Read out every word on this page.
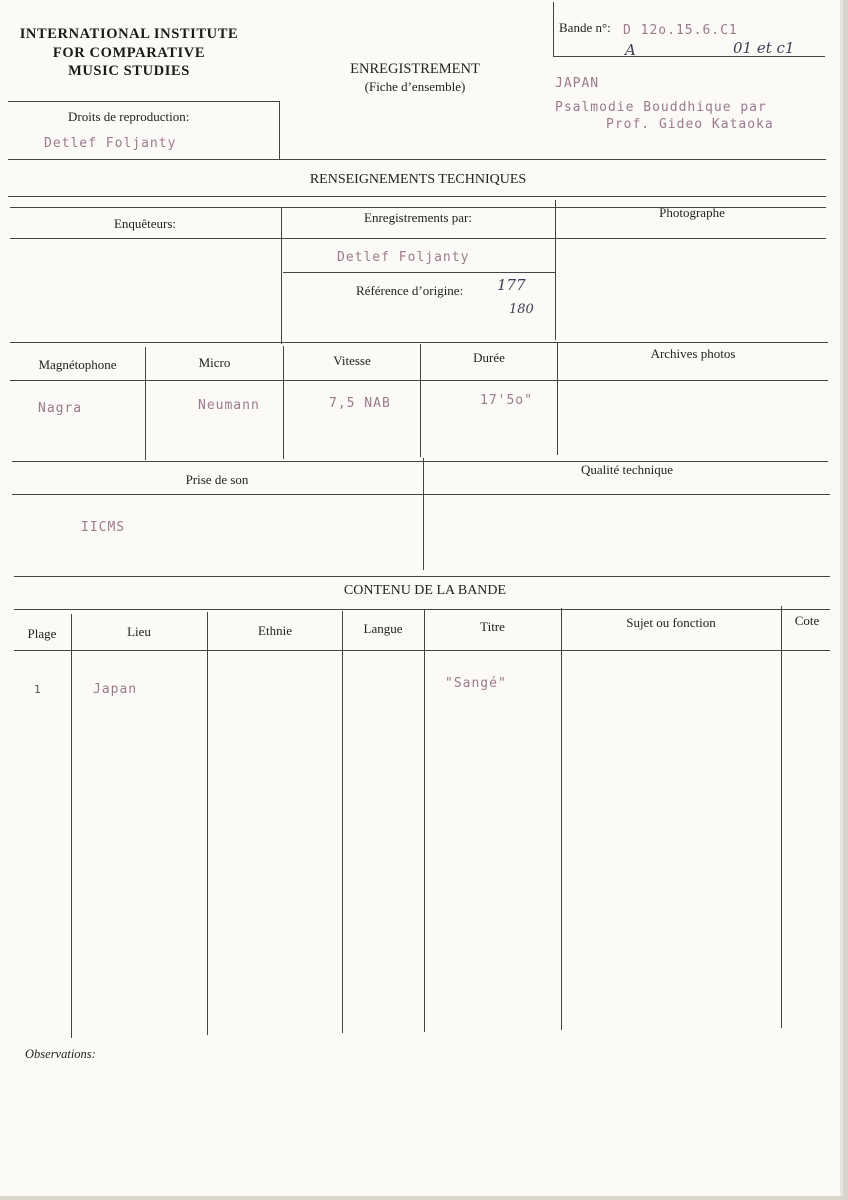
INTERNATIONAL INSTITUTE
FOR COMPARATIVE
MUSIC STUDIES	ENREGISTREMENT
(Fiche d’ensemble)
Bande n°: D 12o.15.6.C1
A	01 et c1
JAPAN
Psalmodie Bouddhique par
Prof. Gideo Kataoka
Droits de reproduction:
Detlef Foljanty
RENSEIGNEMENTS TECHNIQUES
Enquêteurs:	Enregistrements par:	Photographe
Detlef Foljanty
Référence d’origine: 177
180
Magnétophone	Micro	Vitesse	Durée	Archives photos
Nagra	Neumann	7,5 NAB	17'5o"
Prise de son
Qualité technique
IICMS
CONTENU DE LA BANDE
Plage	Lieu	Ethnie	Langue	Titre	Sujet ou fonction	Cote
1	Japan	"Sangé"
Observations:
